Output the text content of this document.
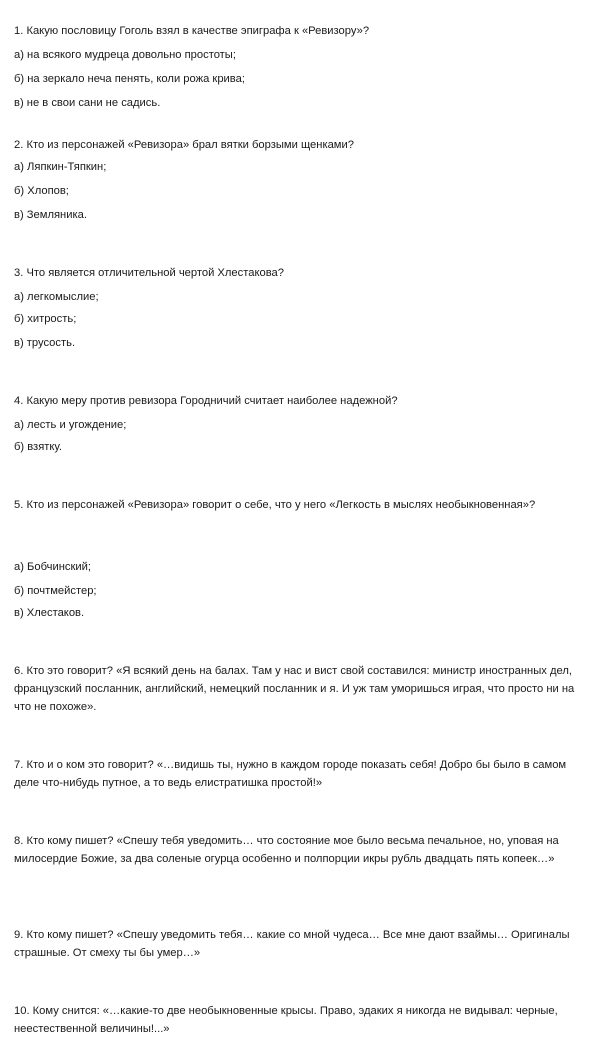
1. Какую пословицу Гоголь взял в качестве эпиграфа к «Ревизору»?
а) на всякого мудреца довольно простоты;
б) на зеркало неча пенять, коли рожа крива;
в) не в свои сани не садись.
2. Кто из персонажей «Ревизора» брал вятки борзыми щенками?
а) Ляпкин-Тяпкин;
б) Хлопов;
в) Земляника.
3. Что является отличительной чертой Хлестакова?
а) легкомыслие;
б) хитрость;
в) трусость.
4. Какую меру против ревизора Городничий считает наиболее надежной?
а) лесть и угождение;
б) взятку.
5. Кто из персонажей «Ревизора» говорит о себе, что у него «Легкость в мыслях необыкновенная»?
а) Бобчинский;
б) почтмейстер;
в) Хлестаков.
6. Кто это говорит? «Я всякий день на балах. Там у нас и вист свой составился: министр иностранных дел, французский посланник, английский, немецкий посланник и я. И уж там уморишься играя, что просто ни на что не похоже».
7. Кто и о ком это говорит? «…видишь ты, нужно в каждом городе показать себя! Добро бы было в самом деле что-нибудь путное, а то ведь елистратишка простой!»
8. Кто кому пишет? «Спешу тебя уведомить… что состояние мое было весьма печальное, но, уповая на милосердие Божие, за два соленые огурца особенно и полпорции икры рубль двадцать пять копеек…»
9. Кто кому пишет? «Спешу уведомить тебя… какие со мной чудеса… Все мне дают взаймы… Оригиналы страшные. От смеху ты бы умер…»
10. Кому снится: «…какие-то две необыкновенные крысы. Право, эдаких я никогда не видывал: черные, неестественной величины!...»
